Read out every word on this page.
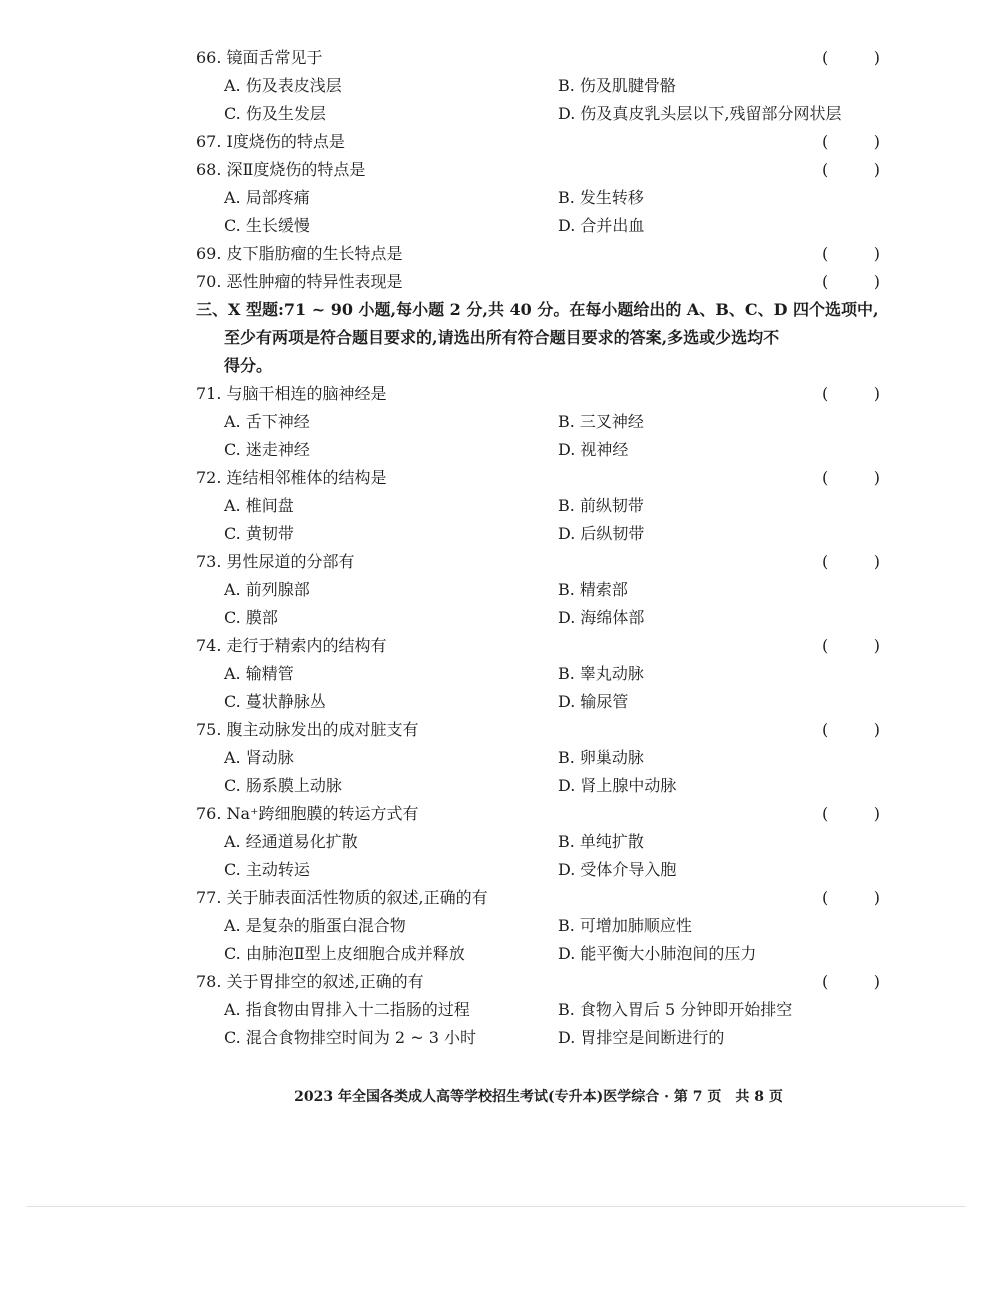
66. 镜面舌常见于	(	)
A. 伤及表皮浅层	B. 伤及肌腱骨骼
C. 伤及生发层	D. 伤及真皮乳头层以下,残留部分网状层
67. Ⅰ度烧伤的特点是	(	)
68. 深Ⅱ度烧伤的特点是	(	)
A. 局部疼痛	B. 发生转移
C. 生长缓慢	D. 合并出血
69. 皮下脂肪瘤的生长特点是	(	)
70. 恶性肿瘤的特异性表现是	(	)
三、X 型题:71 ~ 90 小题,每小题 2 分,共 40 分。在每小题给出的 A、B、C、D 四个选项中,
至少有两项是符合题目要求的,请选出所有符合题目要求的答案,多选或少选均不
得分。
71. 与脑干相连的脑神经是	(	)
A. 舌下神经	B. 三叉神经
C. 迷走神经	D. 视神经
72. 连结相邻椎体的结构是	(	)
A. 椎间盘	B. 前纵韧带
C. 黄韧带	D. 后纵韧带
73. 男性尿道的分部有	(	)
A. 前列腺部	B. 精索部
C. 膜部	D. 海绵体部
74. 走行于精索内的结构有	(	)
A. 输精管	B. 睾丸动脉
C. 蔓状静脉丛	D. 输尿管
75. 腹主动脉发出的成对脏支有	(	)
A. 肾动脉	B. 卵巢动脉
C. 肠系膜上动脉	D. 肾上腺中动脉
76. Na⁺跨细胞膜的转运方式有	(	)
A. 经通道易化扩散	B. 单纯扩散
C. 主动转运	D. 受体介导入胞
77. 关于肺表面活性物质的叙述,正确的有	(	)
A. 是复杂的脂蛋白混合物	B. 可增加肺顺应性
C. 由肺泡Ⅱ型上皮细胞合成并释放	D. 能平衡大小肺泡间的压力
78. 关于胃排空的叙述,正确的有	(	)
A. 指食物由胃排入十二指肠的过程	B. 食物入胃后 5 分钟即开始排空
C. 混合食物排空时间为 2 ~ 3 小时	D. 胃排空是间断进行的
2023 年全国各类成人高等学校招生考试(专升本)医学综合 · 第 7 页　共 8 页
